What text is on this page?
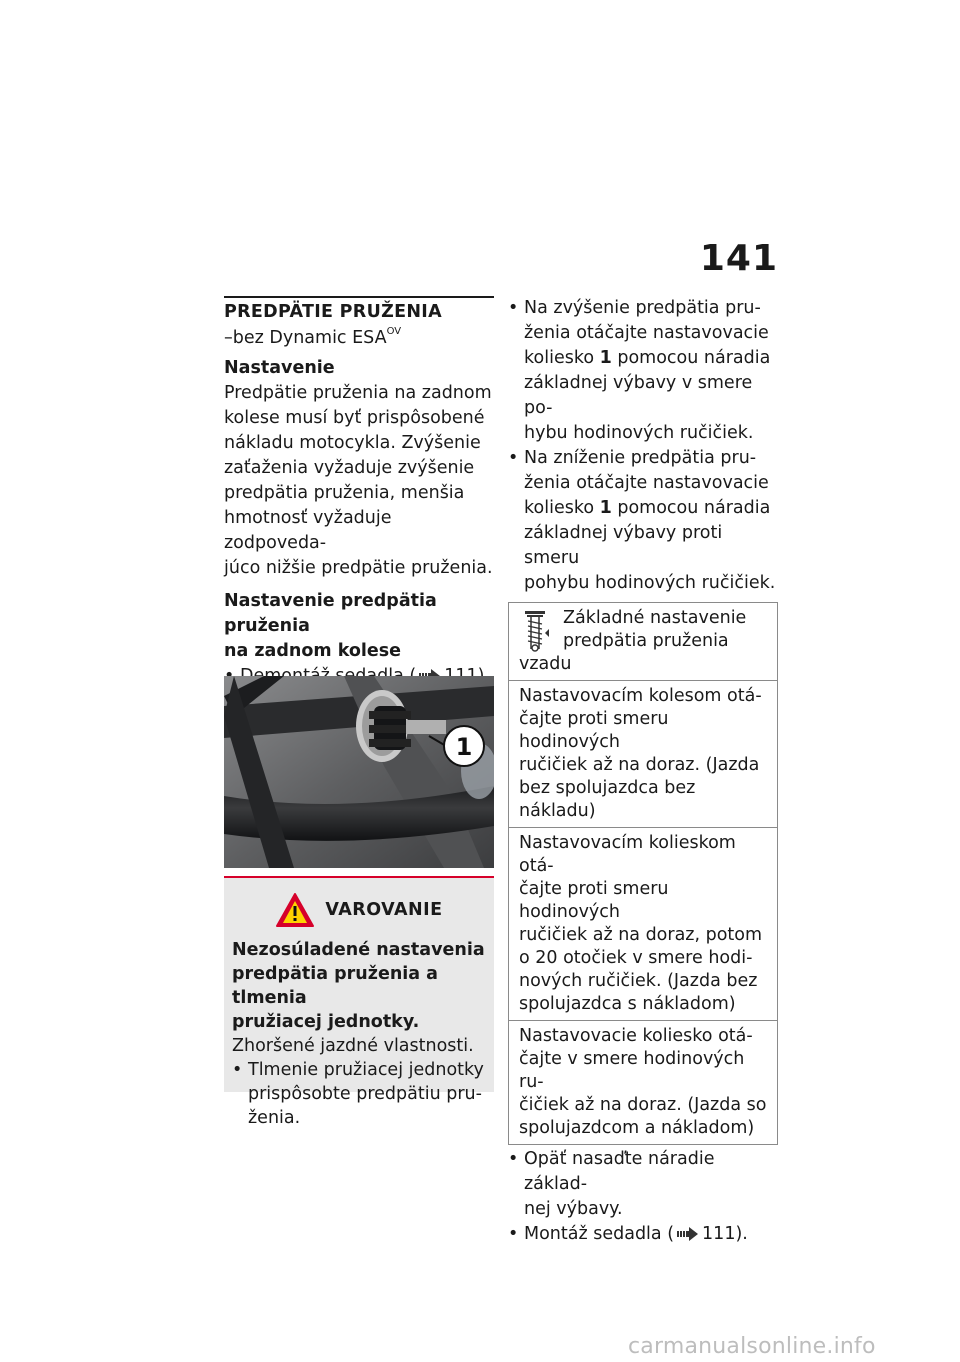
141
PREDPÄTIE PRUŽENIA
–bez Dynamic $ESA^{OV}$
Nastavenie
Predpätie pruženia na zadnom
kolese musí byť prispôsobené
nákladu motocykla. Zvýšenie
zaťaženia vyžaduje zvýšenie
predpätia pruženia, menšia
hmotnosť vyžaduje zodpoveda-
júco nižšie predpätie pruženia.
Nastavenie predpätia pruženia
na zadnom kolese
•
•
1
VAROVANIE
Nezosúladené nastavenia
predpätia pruženia a tlmenia
pružiacej jednotky.
Zhoršené jazdné vlastnosti.
• Tlmenie pružiacej jednotky
prispôsobte predpätiu pru-
ženia.
• Na zvýšenie predpätia pru-
ženia otáčajte nastavovacie
koliesko 1 pomocou náradia
základnej výbavy v smere po-
hybu hodinových ručičiek.
• Na zníženie predpätia pru-
ženia otáčajte nastavovacie
koliesko 1 pomocou náradia
základnej výbavy proti smeru
pohybu hodinových ručičiek.
Základné nastavenie
predpätia pruženia
vzadu
Nastavovacím kolesom otá-
čajte proti smeru hodinových
ručičiek až na doraz. (Jazda
bez spolujazdca bez nákladu)
Nastavovacím kolieskom otá-
čajte proti smeru hodinových
ručičiek až na doraz, potom
o 20 otočiek v smere hodi-
nových ručičiek. (Jazda bez
spolujazdca s nákladom)
Nastavovacie koliesko otá-
čajte v smere hodinových ru-
čičiek až na doraz. (Jazda so
spolujazdcom a nákladom)
• Opäť nasaďte náradie základ-
nej výbavy.
• Montáž sedadla ( 111).
carmanualsonline.info
